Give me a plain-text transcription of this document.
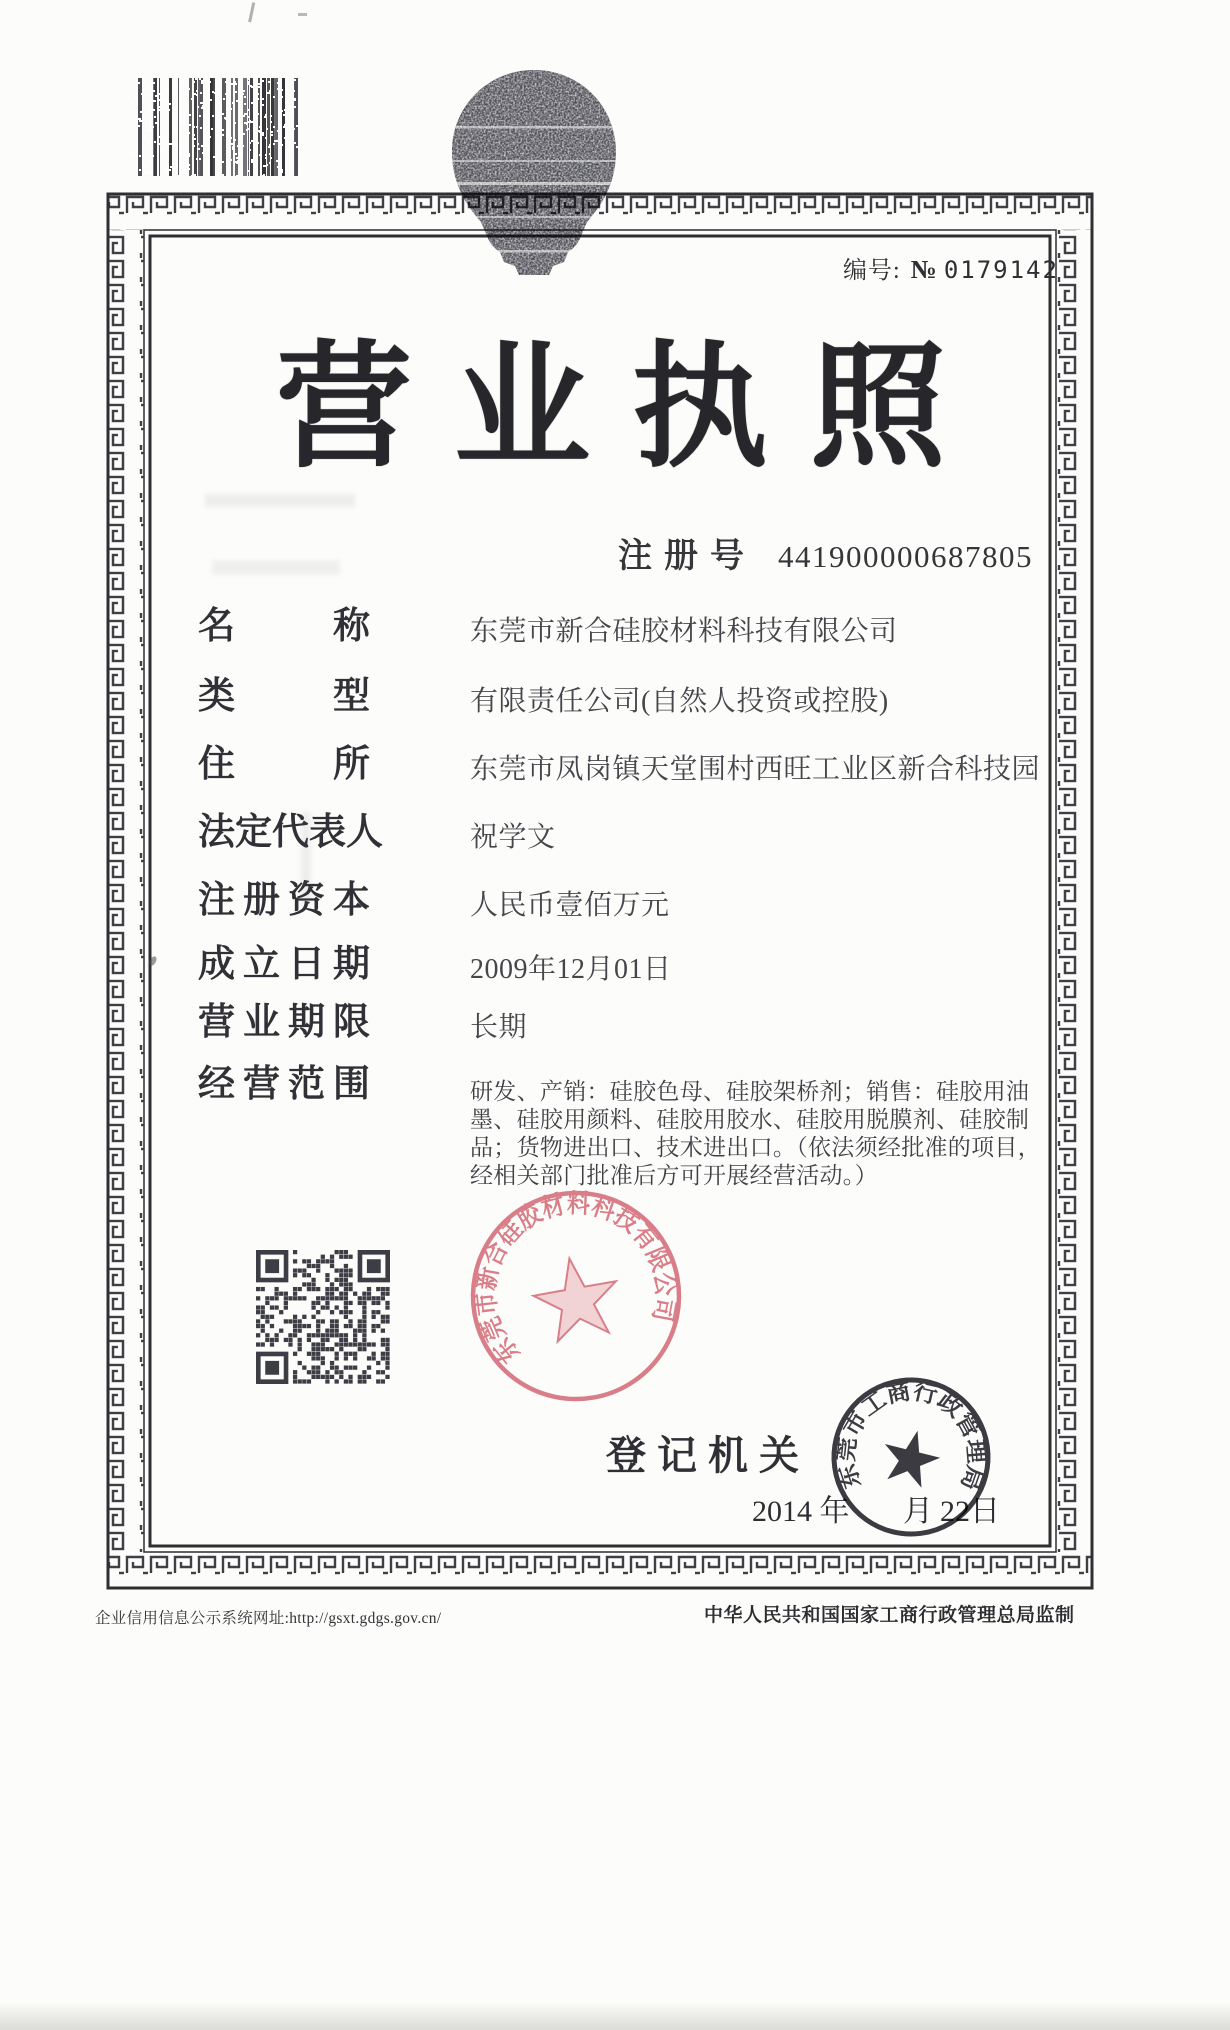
编号: № 0179142
营 业 执 照
注册号 441900000687805
名	称	东莞市新合硅胶材料科技有限公司
类	型	有限责任公司(自然人投资或控股)
住	所	东莞市凤岗镇天堂围村西旺工业区新合科技园
法 定 代 表 人	祝学文
注 册 资 本	人民币壹佰万元
成 立 日 期	2009年12月01日
营 业 期 限	长期
经 营 范 围	研发、产销：硅胶色母、硅胶架桥剂；销售：硅胶用油墨、硅胶用颜料、硅胶用胶水、硅胶用脱膜剂、硅胶制品；货物进出口、技术进出口。（依法须经批准的项目，经相关部门批准后方可开展经营活动。）
东莞市新合硅胶材料科技有限公司
登记机关
2014 年 月 22日
东莞市工商行政管理局
企业信用信息公示系统网址:http://gsxt.gdgs.gov.cn/	中华人民共和国国家工商行政管理总局监制
